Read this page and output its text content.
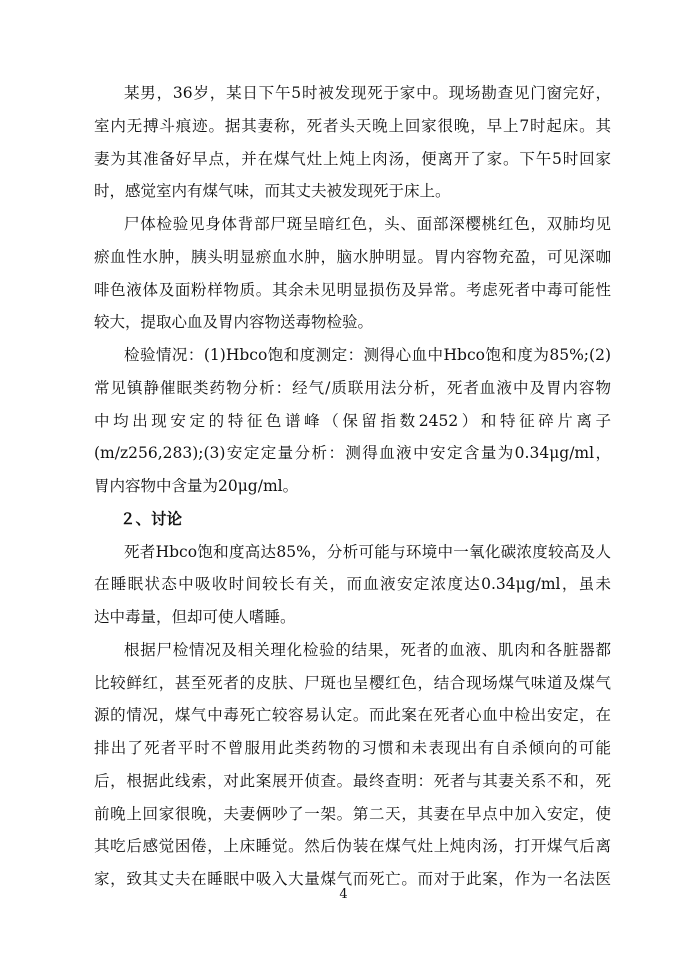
某男，36岁，某日下午5时被发现死于家中。现场勘查见门窗完好，
室内无搏斗痕迹。据其妻称，死者头天晚上回家很晚，早上7时起床。其
妻为其准备好早点，并在煤气灶上炖上肉汤，便离开了家。下午5时回家
时，感觉室内有煤气味，而其丈夫被发现死于床上。
尸体检验见身体背部尸斑呈暗红色，头、面部深樱桃红色，双肺均见
瘀血性水肿，胰头明显瘀血水肿，脑水肿明显。胃内容物充盈，可见深咖
啡色液体及面粉样物质。其余未见明显损伤及异常。考虑死者中毒可能性
较大，提取心血及胃内容物送毒物检验。
检验情况：(1)Hbco饱和度测定：测得心血中Hbco饱和度为85%;(2)
常见镇静催眠类药物分析：经气/质联用法分析，死者血液中及胃内容物
中均出现安定的特征色谱峰（保留指数2452）和特征碎片离子
(m/z256,283);(3)安定定量分析：测得血液中安定含量为0.34μg/ml，
胃内容物中含量为20μg/ml。
２、讨论
死者Hbco饱和度高达85%，分析可能与环境中一氧化碳浓度较高及人
在睡眠状态中吸收时间较长有关，而血液安定浓度达0.34μg/ml，虽未
达中毒量，但却可使人嗜睡。
根据尸检情况及相关理化检验的结果，死者的血液、肌肉和各脏器都
比较鲜红，甚至死者的皮肤、尸斑也呈樱红色，结合现场煤气味道及煤气
源的情况，煤气中毒死亡较容易认定。而此案在死者心血中检出安定，在
排出了死者平时不曾服用此类药物的习惯和未表现出有自杀倾向的可能
后，根据此线索，对此案展开侦查。最终查明：死者与其妻关系不和，死
前晚上回家很晚，夫妻俩吵了一架。第二天，其妻在早点中加入安定，使
其吃后感觉困倦，上床睡觉。然后伪装在煤气灶上炖肉汤，打开煤气后离
家，致其丈夫在睡眠中吸入大量煤气而死亡。而对于此案，作为一名法医
4
